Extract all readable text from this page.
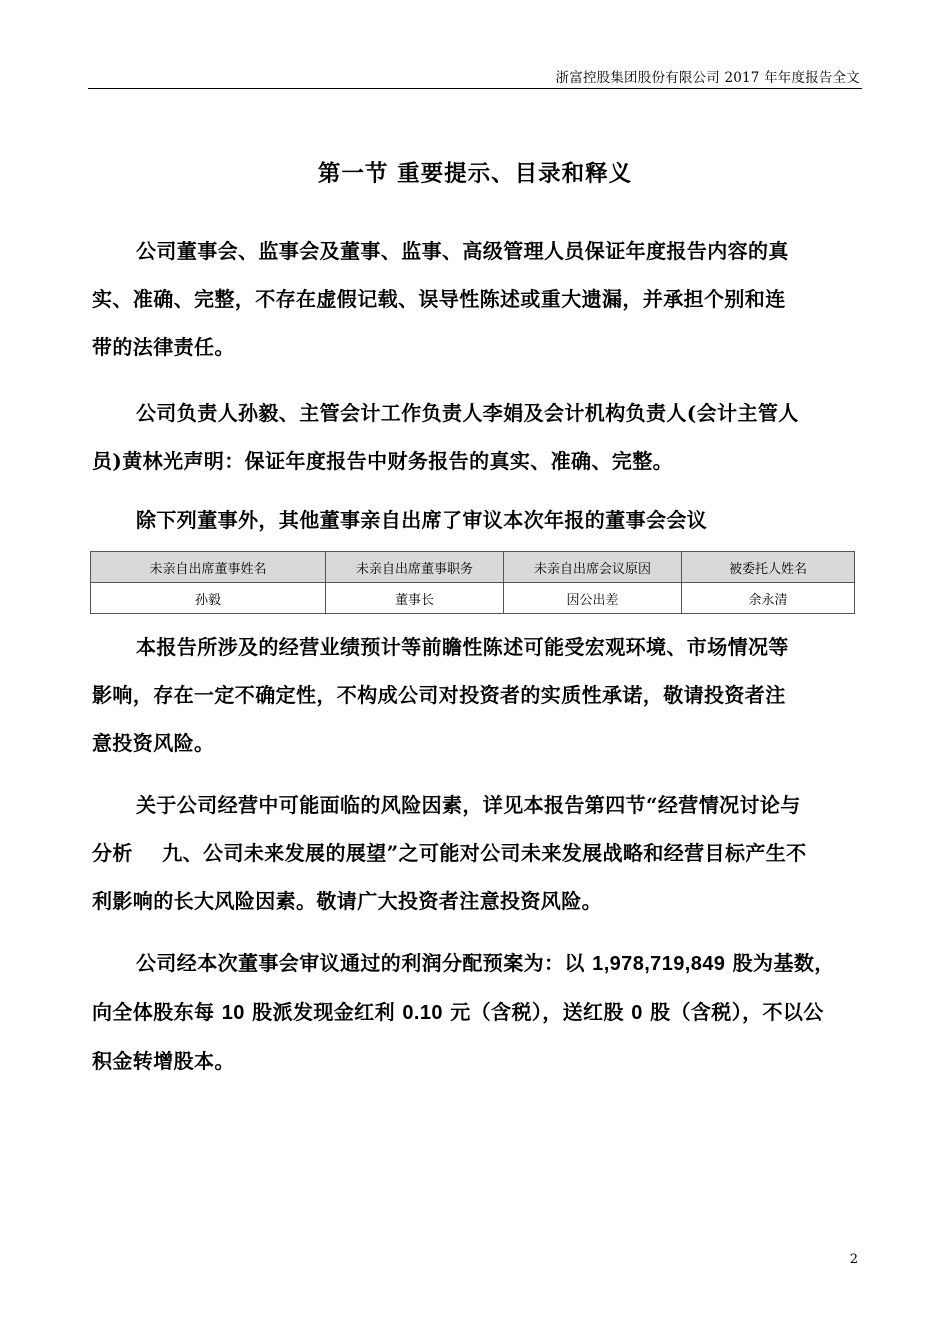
浙富控股集团股份有限公司 2017 年年度报告全文
第一节 重要提示、目录和释义
公司董事会、监事会及董事、监事、高级管理人员保证年度报告内容的真
实、准确、完整，不存在虚假记载、误导性陈述或重大遗漏，并承担个别和连
带的法律责任。
公司负责人孙毅、主管会计工作负责人李娟及会计机构负责人(会计主管人
员)黄林光声明：保证年度报告中财务报告的真实、准确、完整。
除下列董事外，其他董事亲自出席了审议本次年报的董事会会议
未亲自出席董事姓名	未亲自出席董事职务	未亲自出席会议原因	被委托人姓名
孙毅	董事长	因公出差	余永清
本报告所涉及的经营业绩预计等前瞻性陈述可能受宏观环境、市场情况等
影响，存在一定不确定性，不构成公司对投资者的实质性承诺，敬请投资者注
意投资风险。
关于公司经营中可能面临的风险因素，详见本报告第四节“经营情况讨论与
分析    九、公司未来发展的展望”之可能对公司未来发展战略和经营目标产生不
利影响的长大风险因素。敬请广大投资者注意投资风险。
公司经本次董事会审议通过的利润分配预案为：以 1,978,719,849 股为基数，
向全体股东每 10 股派发现金红利 0.10 元（含税），送红股 0 股（含税），不以公
积金转增股本。
2
